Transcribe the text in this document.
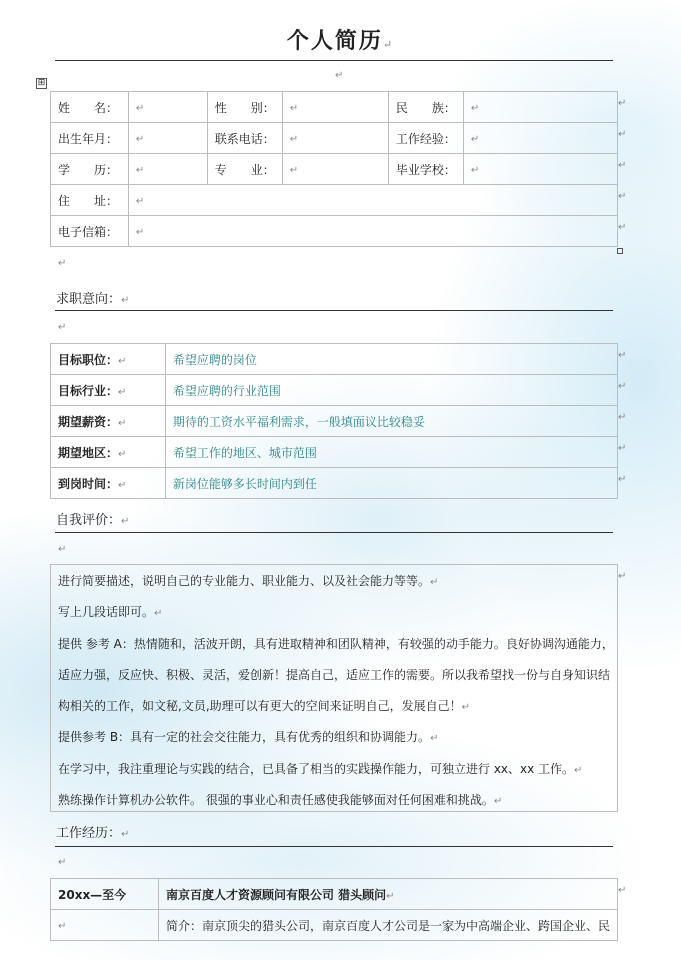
个人简历↵
↵
⊞
姓　　名：	↵	性　　别：	↵	民　　族：	↵
出生年月：	↵	联系电话：	↵	工作经验：	↵
学　　历：	↵	专　　业：	↵	毕业学校：	↵
住　　址：	↵				
电子信箱：	↵				
↵
↵
↵
↵
↵
↵
求职意向：↵
↵
目标职位：↵	希望应聘的岗位
目标行业：↵	希望应聘的行业范围
期望薪资：↵	期待的工资水平福利需求，一般填面议比较稳妥
期望地区：↵	希望工作的地区、城市范围
到岗时间：↵	新岗位能够多长时间内到任
↵
↵
↵
↵
↵
自我评价：↵
↵

进行简要描述，说明自己的专业能力、职业能力、以及社会能力等等。↵

写上几段话即可。↵

提供 参考 A：热情随和，活波开朗，具有进取精神和团队精神，有较强的动手能力。良好协调沟通能力，

适应力强，反应快、积极、灵活，爱创新！提高自己，适应工作的需要。所以我希望找一份与自身知识结

构相关的工作，如文秘,文员,助理可以有更大的空间来证明自己，发展自己！↵

提供参考 B：具有一定的社会交往能力，具有优秀的组织和协调能力。↵

在学习中，我注重理论与实践的结合，已具备了相当的实践操作能力，可独立进行 xx、xx 工作。↵

熟练操作计算机办公软件。 很强的事业心和责任感使我能够面对任何困难和挑战。↵

↵
工作经历：↵
↵
20xx—至今	南京百度人才资源顾问有限公司 猎头顾问↵
↵	简介：南京顶尖的猎头公司，南京百度人才公司是一家为中高端企业、跨国企业、民
↵
